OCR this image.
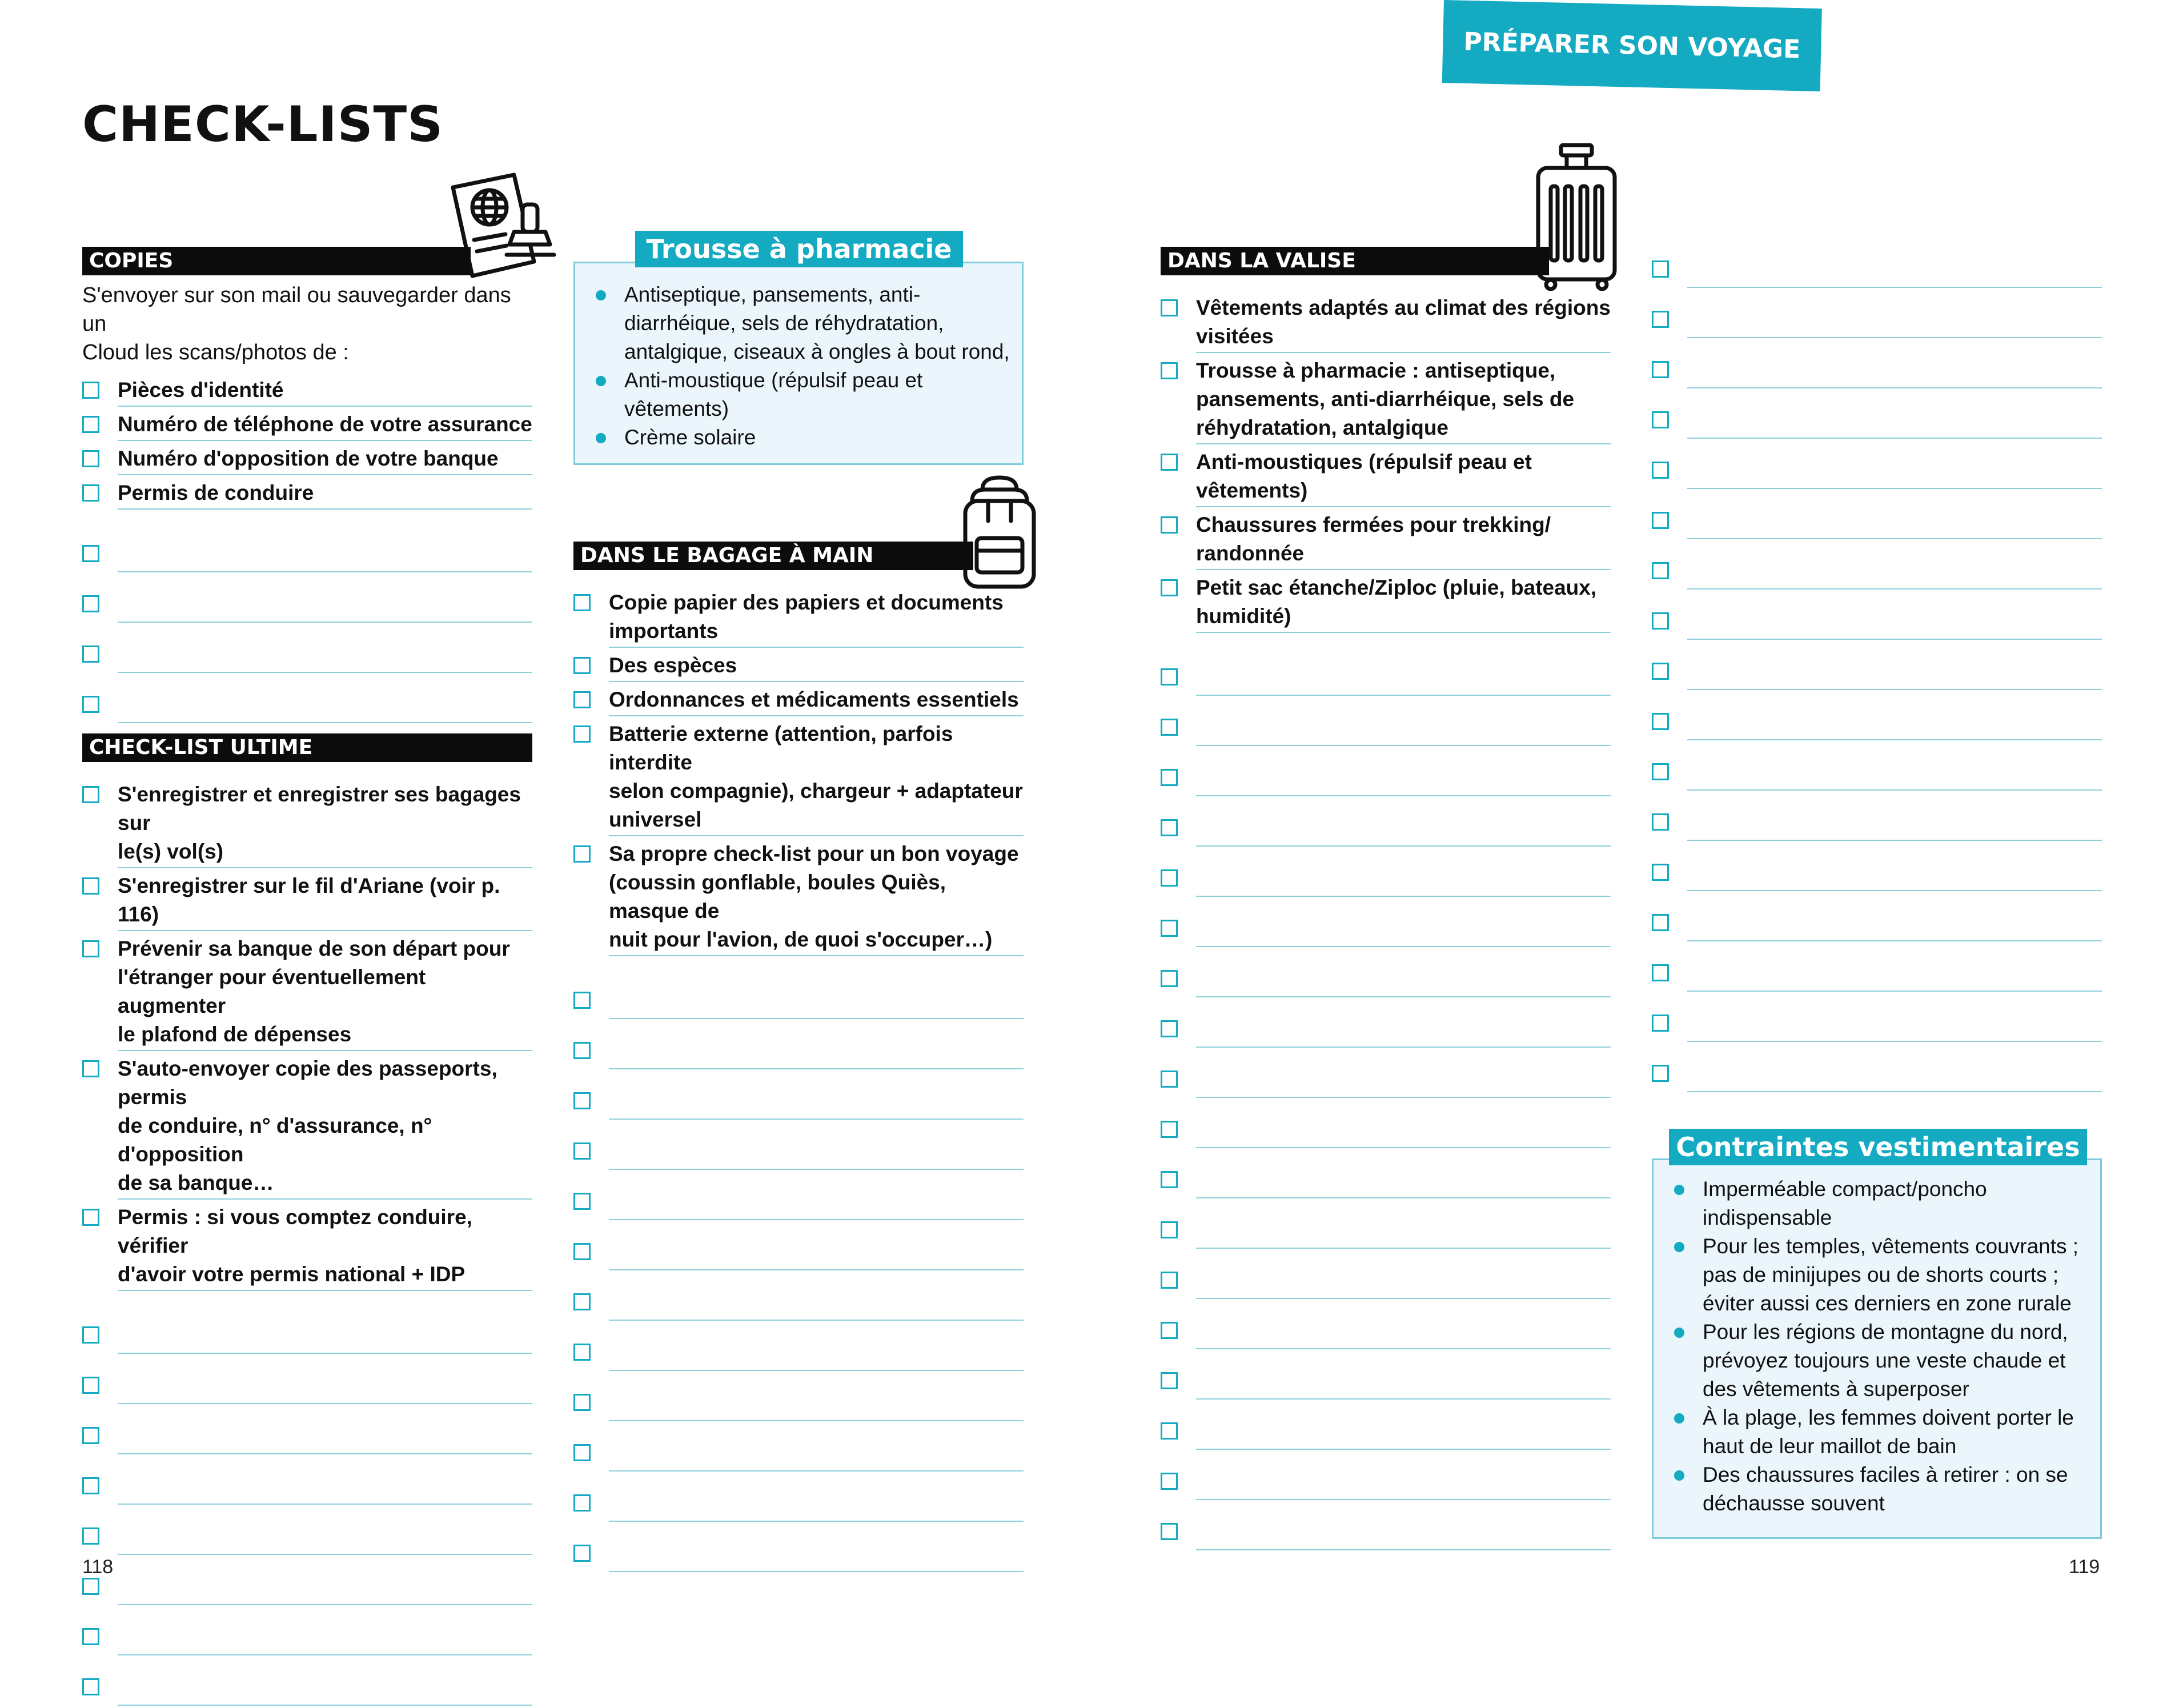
PRÉPARER SON VOYAGE
CHECK-LISTS
COPIES
S'envoyer sur son mail ou sauvegarder dans un
Cloud les scans/photos de :
Pièces d'identité
Numéro de téléphone de votre assurance
Numéro d'opposition de votre banque
Permis de conduire
CHECK-LIST ULTIME
S'enregistrer et enregistrer ses bagages sur
le(s) vol(s)
S'enregistrer sur le fil d'Ariane (voir p. 116)
Prévenir sa banque de son départ pour
l'étranger pour éventuellement augmenter
le plafond de dépenses
S'auto-envoyer copie des passeports, permis
de conduire, n° d'assurance, n° d'opposition
de sa banque…
Permis : si vous comptez conduire, vérifier
d'avoir votre permis national + IDP
Antiseptique, pansements, anti-
diarrhéique, sels de réhydratation,
antalgique, ciseaux à ongles à bout rond,
Anti-moustique (répulsif peau et
vêtements)
Crème solaire
Trousse à pharmacie
DANS LE BAGAGE À MAIN
Copie papier des papiers et documents
importants
Des espèces
Ordonnances et médicaments essentiels
Batterie externe (attention, parfois interdite
selon compagnie), chargeur + adaptateur
universel
Sa propre check-list pour un bon voyage
(coussin gonflable, boules Quiès, masque de
nuit pour l'avion, de quoi s'occuper…)
DANS LA VALISE
Vêtements adaptés au climat des régions
visitées
Trousse à pharmacie : antiseptique,
pansements, anti-diarrhéique, sels de
réhydratation, antalgique
Anti-moustiques (répulsif peau et
vêtements)
Chaussures fermées pour trekking/
randonnée
Petit sac étanche/Ziploc (pluie, bateaux,
humidité)
Imperméable compact/poncho
indispensable
Pour les temples, vêtements couvrants ;
pas de minijupes ou de shorts courts ;
éviter aussi ces derniers en zone rurale
Pour les régions de montagne du nord,
prévoyez toujours une veste chaude et
des vêtements à superposer
À la plage, les femmes doivent porter le
haut de leur maillot de bain
Des chaussures faciles à retirer : on se
déchausse souvent
Contraintes vestimentaires
118	119
